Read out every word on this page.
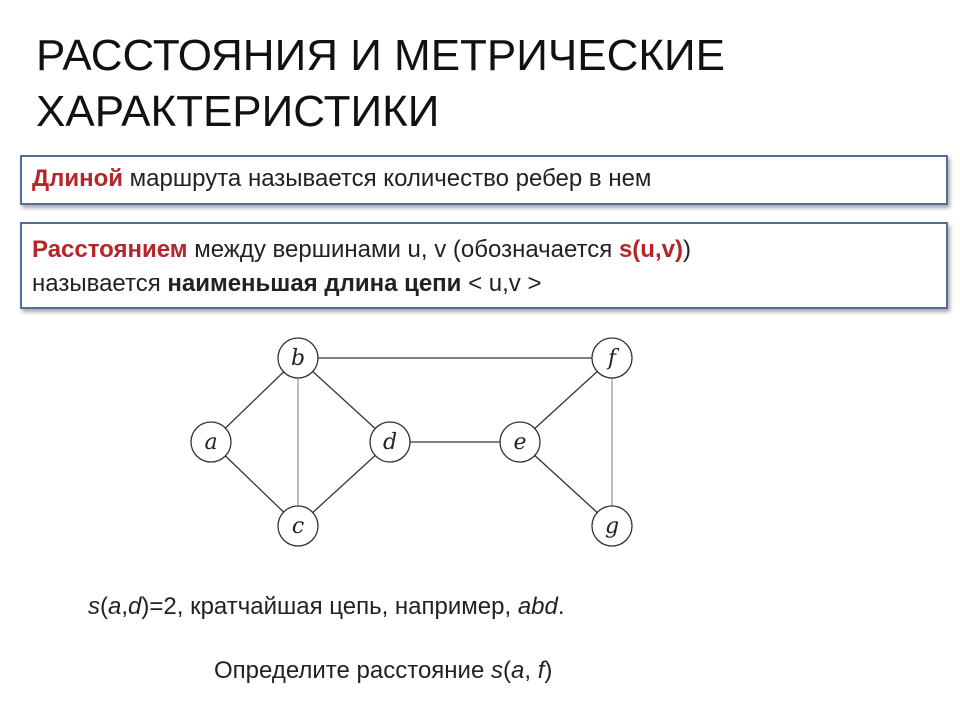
РАССТОЯНИЯ И МЕТРИЧЕСКИЕ
ХАРАКТЕРИСТИКИ
Длиной маршрута называется количество ребер в нем
Расстоянием между вершинами u, v (обозначается s(u,v))
называется наименьшая длина цепи < u,v >
a
b
c
d	e
f
g
s(a,d)=2, кратчайшая цепь, например, abd.
Определите расстояние s(a, f)
